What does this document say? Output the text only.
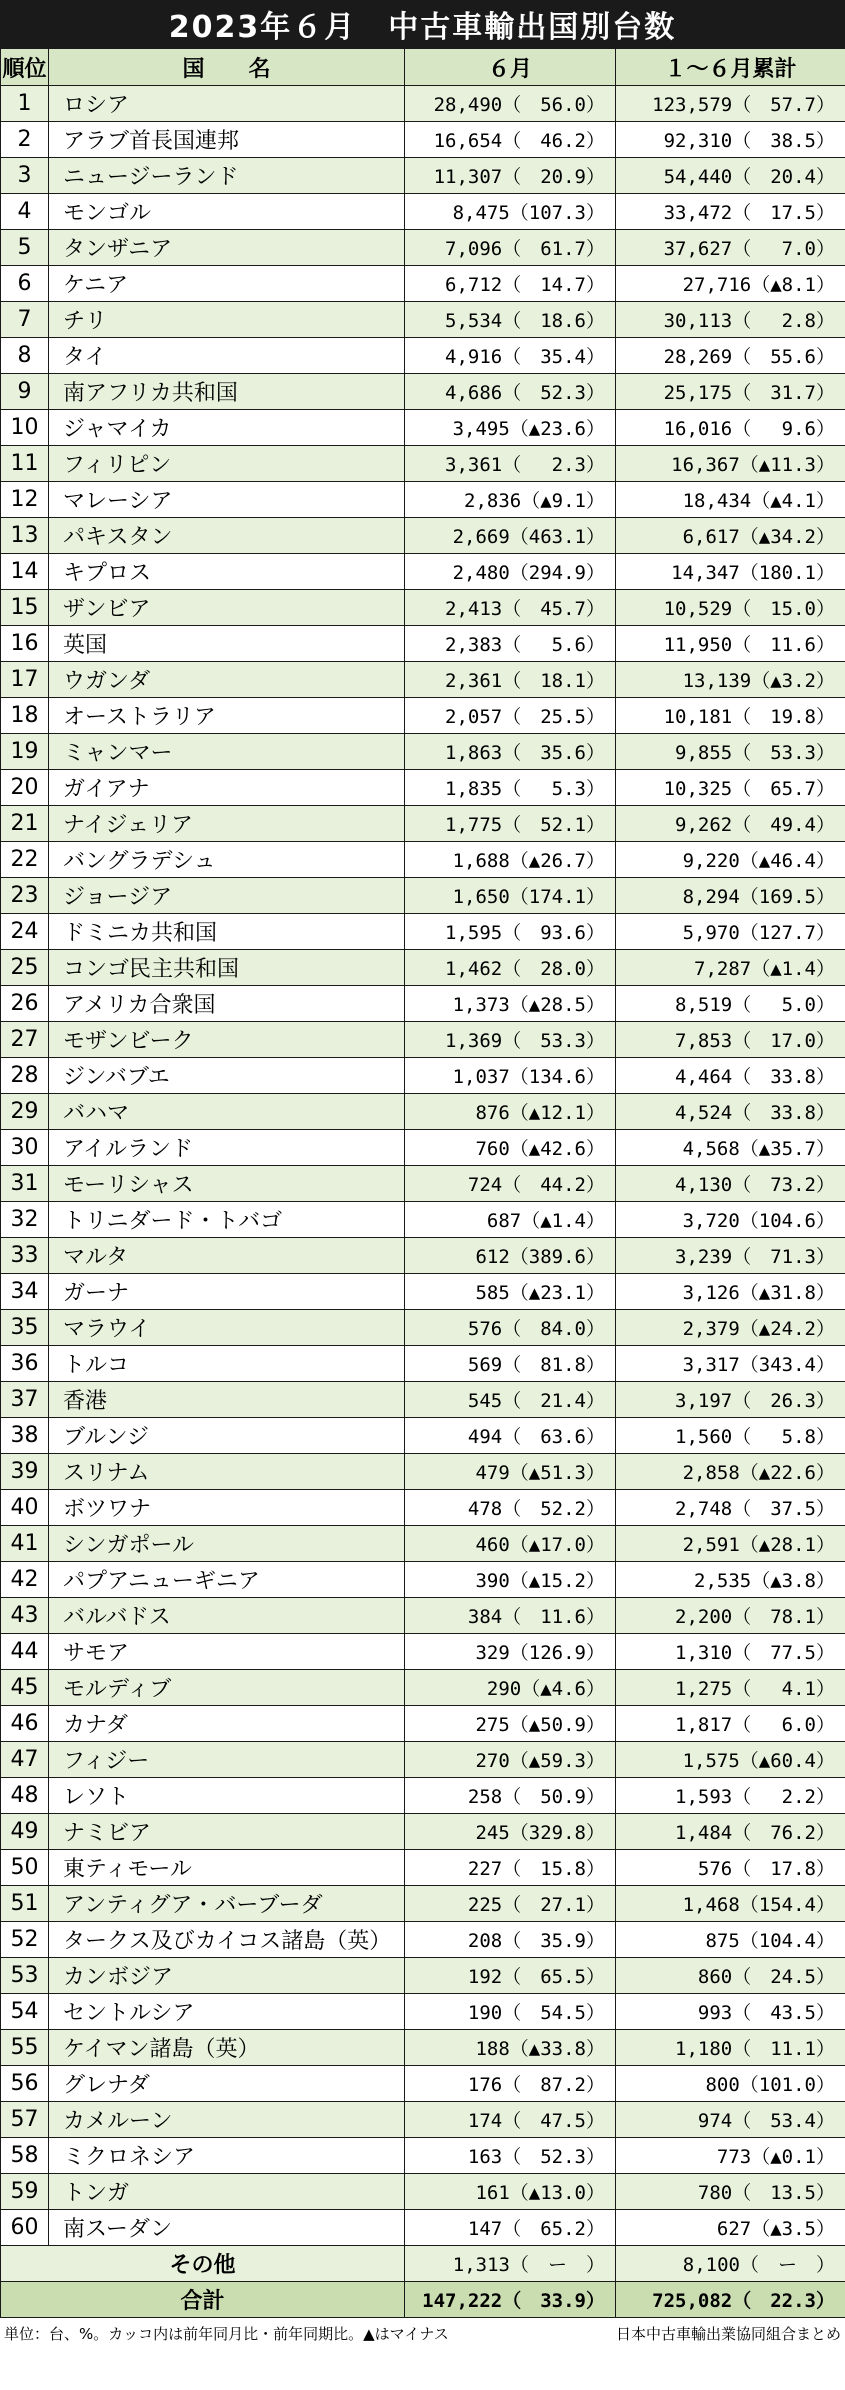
2023年６月　中古車輸出国別台数
順位	国　　名	６月	１～６月累計
1	ロシア	28,490（　56.0）	123,579（　57.7）
2	アラブ首長国連邦	16,654（　46.2）	92,310（　38.5）
3	ニュージーランド	11,307（　20.9）	54,440（　20.4）
4	モンゴル	8,475（107.3）	33,472（　17.5）
5	タンザニア	7,096（　61.7）	37,627（　 7.0）
6	ケニア	6,712（　14.7）	27,716（▲8.1）
7	チリ	5,534（　18.6）	30,113（　 2.8）
8	タイ	4,916（　35.4）	28,269（　55.6）
9	南アフリカ共和国	4,686（　52.3）	25,175（　31.7）
10	ジャマイカ	3,495（▲23.6）	16,016（　 9.6）
11	フィリピン	3,361（　 2.3）	16,367（▲11.3）
12	マレーシア	2,836（▲9.1）	18,434（▲4.1）
13	パキスタン	2,669（463.1）	6,617（▲34.2）
14	キプロス	2,480（294.9）	14,347（180.1）
15	ザンビア	2,413（　45.7）	10,529（　15.0）
16	英国	2,383（　 5.6）	11,950（　11.6）
17	ウガンダ	2,361（　18.1）	13,139（▲3.2）
18	オーストラリア	2,057（　25.5）	10,181（　19.8）
19	ミャンマー	1,863（　35.6）	9,855（　53.3）
20	ガイアナ	1,835（　 5.3）	10,325（　65.7）
21	ナイジェリア	1,775（　52.1）	9,262（　49.4）
22	バングラデシュ	1,688（▲26.7）	9,220（▲46.4）
23	ジョージア	1,650（174.1）	8,294（169.5）
24	ドミニカ共和国	1,595（　93.6）	5,970（127.7）
25	コンゴ民主共和国	1,462（　28.0）	7,287（▲1.4）
26	アメリカ合衆国	1,373（▲28.5）	8,519（　 5.0）
27	モザンビーク	1,369（　53.3）	7,853（　17.0）
28	ジンバブエ	1,037（134.6）	4,464（　33.8）
29	バハマ	876（▲12.1）	4,524（　33.8）
30	アイルランド	760（▲42.6）	4,568（▲35.7）
31	モーリシャス	724（　44.2）	4,130（　73.2）
32	トリニダード・トバゴ	687（▲1.4）	3,720（104.6）
33	マルタ	612（389.6）	3,239（　71.3）
34	ガーナ	585（▲23.1）	3,126（▲31.8）
35	マラウイ	576（　84.0）	2,379（▲24.2）
36	トルコ	569（　81.8）	3,317（343.4）
37	香港	545（　21.4）	3,197（　26.3）
38	ブルンジ	494（　63.6）	1,560（　 5.8）
39	スリナム	479（▲51.3）	2,858（▲22.6）
40	ボツワナ	478（　52.2）	2,748（　37.5）
41	シンガポール	460（▲17.0）	2,591（▲28.1）
42	パプアニューギニア	390（▲15.2）	2,535（▲3.8）
43	バルバドス	384（　11.6）	2,200（　78.1）
44	サモア	329（126.9）	1,310（　77.5）
45	モルディブ	290（▲4.6）	1,275（　 4.1）
46	カナダ	275（▲50.9）	1,817（　 6.0）
47	フィジー	270（▲59.3）	1,575（▲60.4）
48	レソト	258（　50.9）	1,593（　 2.2）
49	ナミビア	245（329.8）	1,484（　76.2）
50	東ティモール	227（　15.8）	576（　17.8）
51	アンティグア・バーブーダ	225（　27.1）	1,468（154.4）
52	タークス及びカイコス諸島（英）	208（　35.9）	875（104.4）
53	カンボジア	192（　65.5）	860（　24.5）
54	セントルシア	190（　54.5）	993（　43.5）
55	ケイマン諸島（英）	188（▲33.8）	1,180（　11.1）
56	グレナダ	176（　87.2）	800（101.0）
57	カメルーン	174（　47.5）	974（　53.4）
58	ミクロネシア	163（　52.3）	773（▲0.1）
59	トンガ	161（▲13.0）	780（　13.5）
60	南スーダン	147（　65.2）	627（▲3.5）
その他		1,313（　ー　）	8,100（　ー　）
合計		147,222（　33.9）	725,082（　22.3）
単位：台、%。カッコ内は前年同月比・前年同期比。▲はマイナス	日本中古車輸出業協同組合まとめ
